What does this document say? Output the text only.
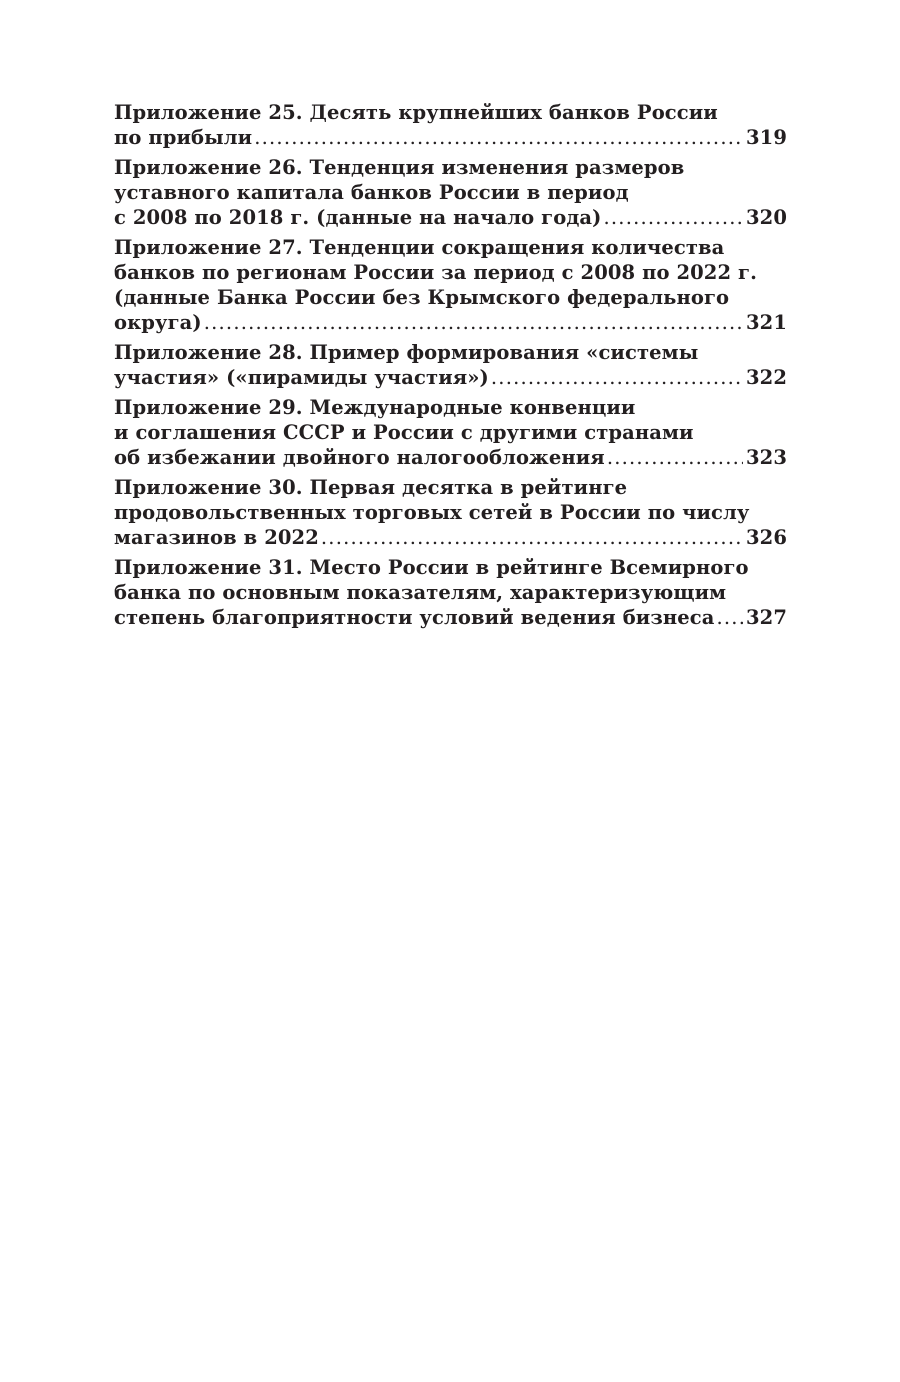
Приложение 25. Десять крупнейших банков России
по прибыли .....	319
Приложение 26. Тенденция изменения размеров
уставного капитала банков России в период
с 2008 по 2018 г. (данные на начало года) .....	320
Приложение 27. Тенденции сокращения количества
банков по регионам России за период с 2008 по 2022 г.
(данные Банка России без Крымского федерального
округа) .....	321
Приложение 28. Пример формирования «системы
участия» («пирамиды участия») .....	322
Приложение 29. Международные конвенции
и соглашения СССР и России с другими странами
об избежании двойного налогообложения .....	323
Приложение 30. Первая десятка в рейтинге
продовольственных торговых сетей в России по числу
магазинов в 2022 .....	326
Приложение 31. Место России в рейтинге Всемирного
банка по основным показателям, характеризующим
степень благоприятности условий ведения бизнеса ..... 327
